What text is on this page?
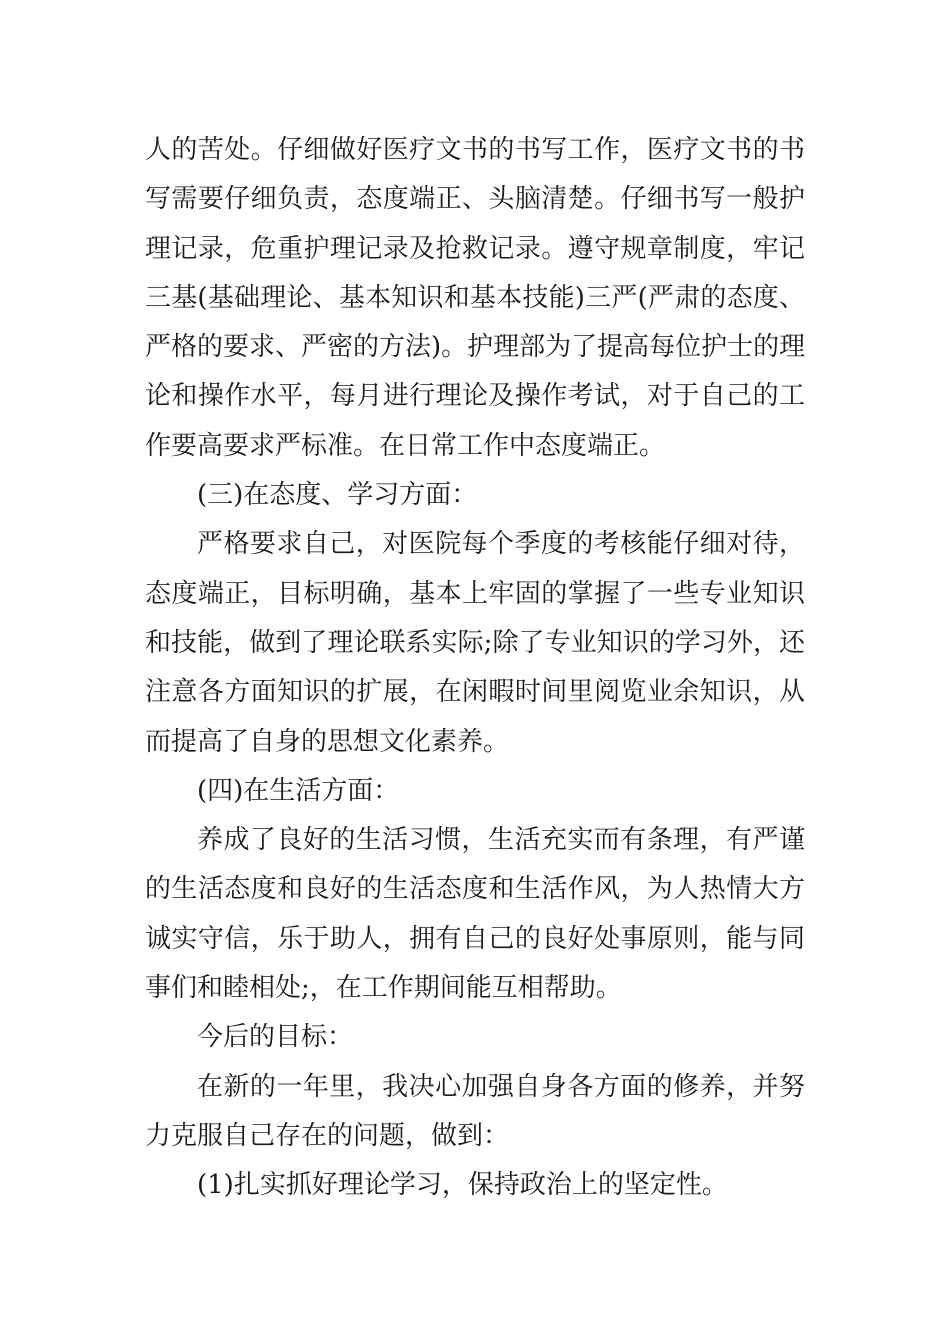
人的苦处。仔细做好医疗文书的书写工作，医疗文书的书
写需要仔细负责，态度端正、头脑清楚。仔细书写一般护
理记录，危重护理记录及抢救记录。遵守规章制度，牢记
三基(基础理论、基本知识和基本技能)三严(严肃的态度、
严格的要求、严密的方法)。护理部为了提高每位护士的理
论和操作水平，每月进行理论及操作考试，对于自己的工
作要高要求严标准。在日常工作中态度端正。
(三)在态度、学习方面：
严格要求自己，对医院每个季度的考核能仔细对待，
态度端正，目标明确，基本上牢固的掌握了一些专业知识
和技能，做到了理论联系实际;除了专业知识的学习外，还
注意各方面知识的扩展，在闲暇时间里阅览业余知识，从
而提高了自身的思想文化素养。
(四)在生活方面：
养成了良好的生活习惯，生活充实而有条理，有严谨
的生活态度和良好的生活态度和生活作风，为人热情大方
诚实守信，乐于助人，拥有自己的良好处事原则，能与同
事们和睦相处;，在工作期间能互相帮助。
今后的目标：
在新的一年里，我决心加强自身各方面的修养，并努
力克服自己存在的问题，做到：
(1)扎实抓好理论学习，保持政治上的坚定性。
